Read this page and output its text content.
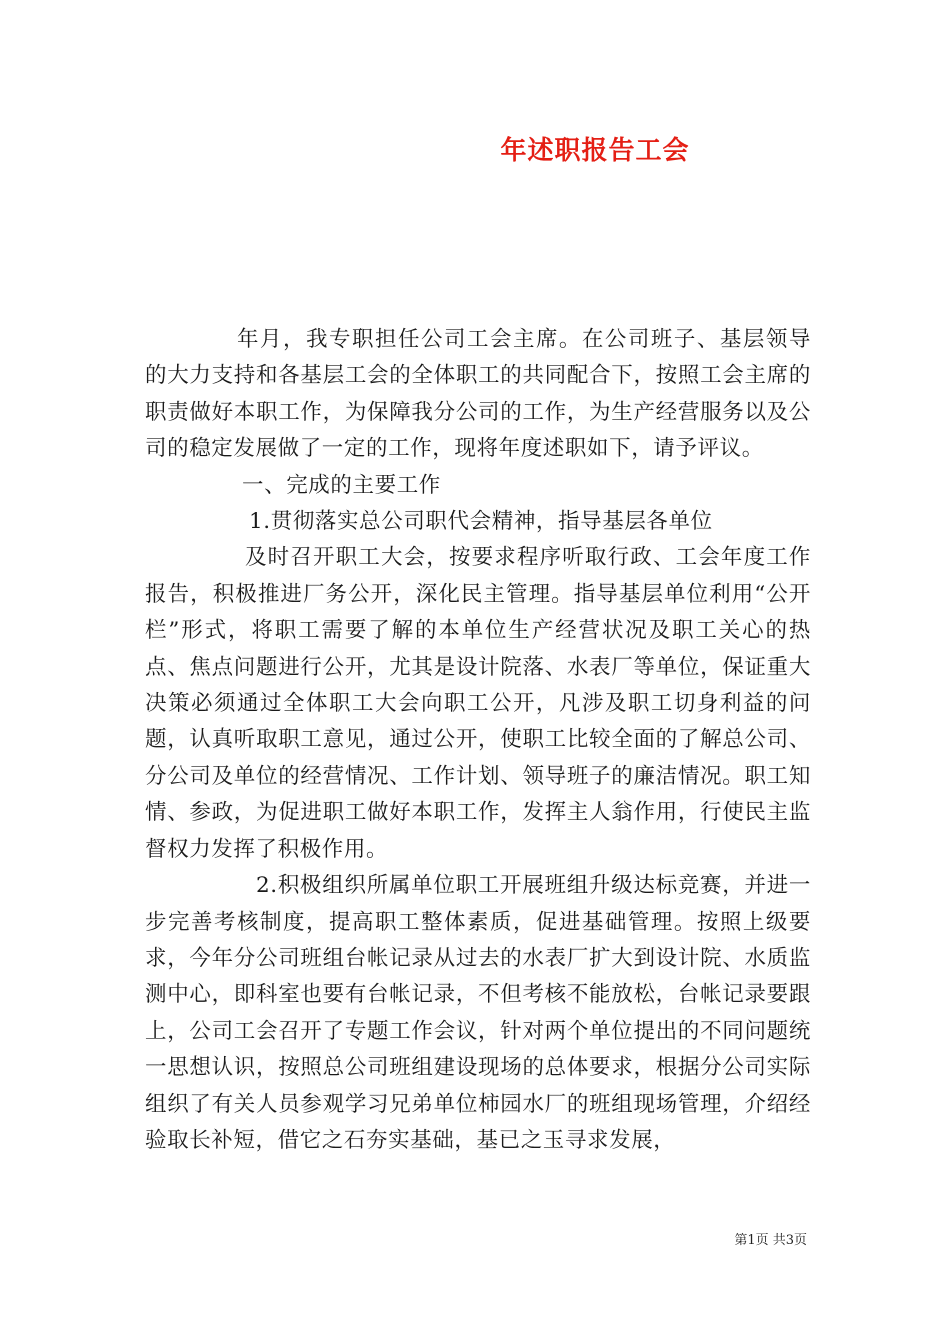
年述职报告工会

年月，我专职担任公司工会主席。在公司班子、基层领导的大力支持和各基层工会的全体职工的共同配合下，按照工会主席的职责做好本职工作，为保障我分公司的工作，为生产经营服务以及公司的稳定发展做了一定的工作，现将年度述职如下，请予评议。

一、完成的主要工作

1.贯彻落实总公司职代会精神，指导基层各单位

及时召开职工大会，按要求程序听取行政、工会年度工作报告，积极推进厂务公开，深化民主管理。指导基层单位利用“公开栏”形式，将职工需要了解的本单位生产经营状况及职工关心的热点、焦点问题进行公开，尤其是设计院落、水表厂等单位，保证重大决策必须通过全体职工大会向职工公开，凡涉及职工切身利益的问题，认真听取职工意见，通过公开，使职工比较全面的了解总公司、分公司及单位的经营情况、工作计划、领导班子的廉洁情况。职工知情、参政，为促进职工做好本职工作，发挥主人翁作用，行使民主监督权力发挥了积极作用。

2.积极组织所属单位职工开展班组升级达标竞赛，并进一步完善考核制度，提高职工整体素质，促进基础管理。按照上级要求，今年分公司班组台帐记录从过去的水表厂扩大到设计院、水质监测中心，即科室也要有台帐记录，不但考核不能放松，台帐记录要跟上，公司工会召开了专题工作会议，针对两个单位提出的不同问题统一思想认识，按照总公司班组建设现场的总体要求，根据分公司实际组织了有关人员参观学习兄弟单位柿园水厂的班组现场管理，介绍经验取长补短，借它之石夯实基础，基已之玉寻求发展，

第1页 共3页
